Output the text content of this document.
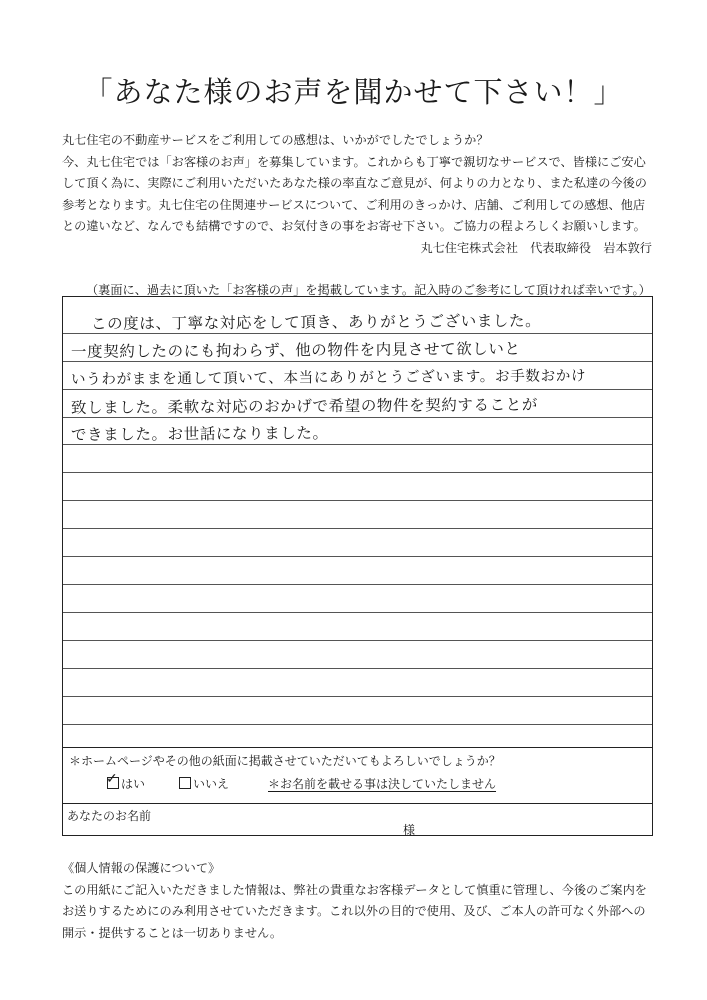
「あなた様のお声を聞かせて下さい！」

丸七住宅の不動産サービスをご利用しての感想は、いかがでしたでしょうか？

今、丸七住宅では「お客様のお声」を募集しています。これからも丁寧で親切なサービスで、皆様にご安心

して頂く為に、実際にご利用いただいたあなた様の率直なご意見が、何よりの力となり、また私達の今後の

参考となります。丸七住宅の住関連サービスについて、ご利用のきっかけ、店舗、ご利用しての感想、他店

との違いなど、なんでも結構ですので、お気付きの事をお寄せ下さい。ご協力の程よろしくお願いします。

丸七住宅株式会社　代表取締役　岩本敦行

（裏面に、過去に頂いた「お客様の声」を掲載しています。記入時のご参考にして頂ければ幸いです。）
この度は、丁寧な対応をして頂き、ありがとうございました。
一度契約したのにも拘わらず、他の物件を内見させて欲しいと
いうわがままを通して頂いて、本当にありがとうございます。お手数おかけ
致しました。柔軟な対応のおかげで希望の物件を契約することが
できました。お世話になりました。
＊ホームページやその他の紙面に掲載させていただいてもよろしいでしょうか？
✓ はい	いいえ	＊お名前を載せる事は決していたしません
あなたのお名前
様

《個人情報の保護について》

この用紙にご記入いただきました情報は、弊社の貴重なお客様データとして慎重に管理し、今後のご案内を

お送りするためにのみ利用させていただきます。これ以外の目的で使用、及び、ご本人の許可なく外部への

開示・提供することは一切ありません。
